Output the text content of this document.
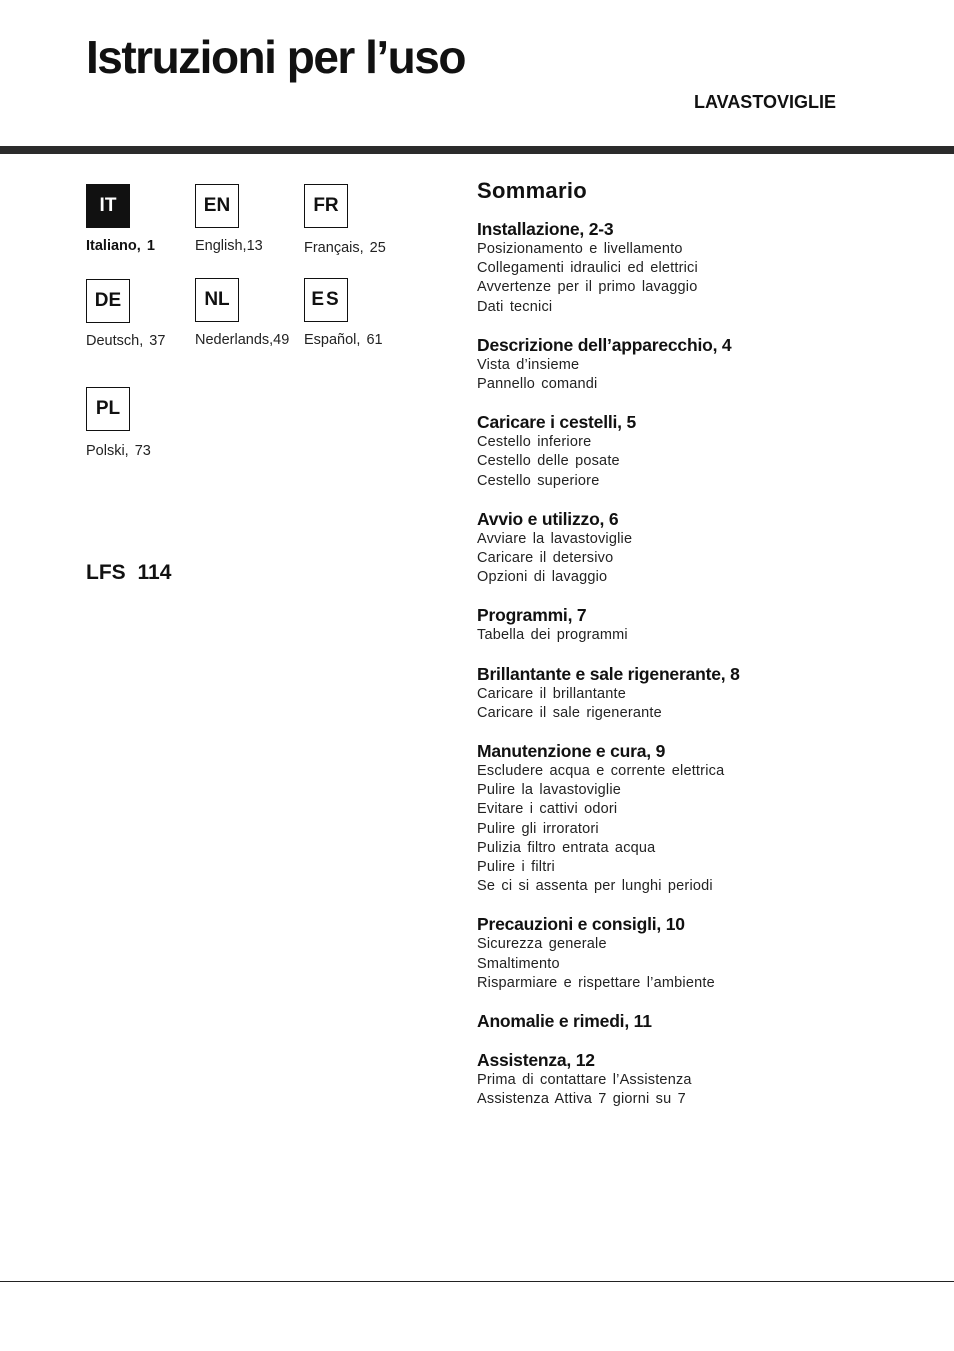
Istruzioni per l’uso
LAVASTOVIGLIE
IT
Italiano, 1
EN
English,13
FR
Français, 25
DE
Deutsch, 37
NL
Nederlands,49
ES
Español, 61
PL
Polski, 73
LFS 114
Sommario
Installazione, 2-3
Posizionamento e livellamento
Collegamenti idraulici ed elettrici
Avvertenze per il primo lavaggio
Dati tecnici
Descrizione dell’apparecchio, 4
Vista d’insieme
Pannello comandi
Caricare i cestelli, 5
Cestello inferiore
Cestello delle posate
Cestello superiore
Avvio e utilizzo, 6
Avviare la lavastoviglie
Caricare il detersivo
Opzioni di lavaggio
Programmi, 7
Tabella dei programmi
Brillantante e sale rigenerante, 8
Caricare il brillantante
Caricare il sale rigenerante
Manutenzione e cura, 9
Escludere acqua e corrente elettrica
Pulire la lavastoviglie
Evitare i cattivi odori
Pulire gli irroratori
Pulizia filtro entrata acqua
Pulire i filtri
Se ci si assenta per lunghi periodi
Precauzioni e consigli, 10
Sicurezza generale
Smaltimento
Risparmiare e rispettare l’ambiente
Anomalie e rimedi, 11
Assistenza, 12
Prima di contattare l’Assistenza
Assistenza Attiva 7 giorni su 7
